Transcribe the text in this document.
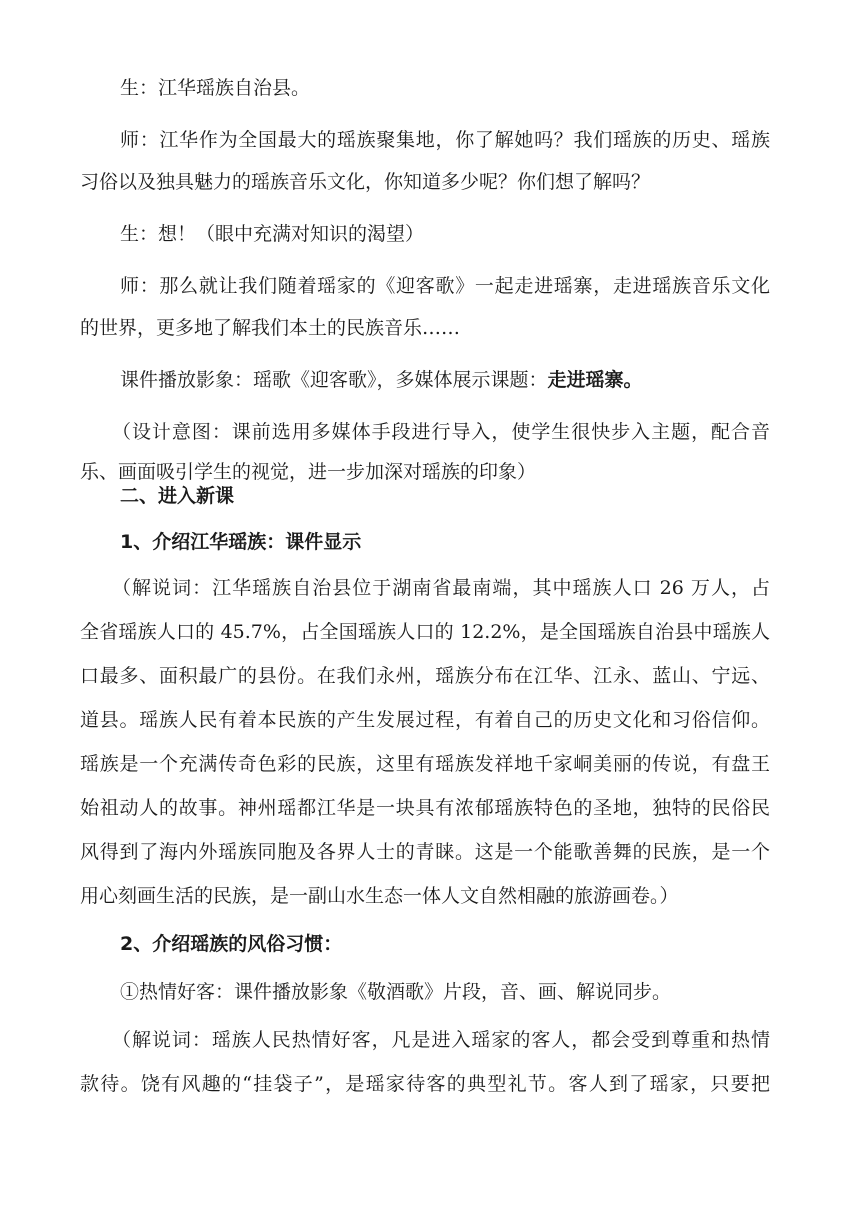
生：江华瑶族自治县。
师：江华作为全国最大的瑶族聚集地，你了解她吗？我们瑶族的历史、瑶族
习俗以及独具魅力的瑶族音乐文化，你知道多少呢？你们想了解吗？
生：想！（眼中充满对知识的渴望）
师：那么就让我们随着瑶家的《迎客歌》一起走进瑶寨，走进瑶族音乐文化
的世界，更多地了解我们本土的民族音乐……
课件播放影象：瑶歌《迎客歌》，多媒体展示课题：走进瑶寨。
（设计意图：课前选用多媒体手段进行导入，使学生很快步入主题，配合音
乐、画面吸引学生的视觉，进一步加深对瑶族的印象）
二、进入新课
1、介绍江华瑶族：课件显示
（解说词：江华瑶族自治县位于湖南省最南端，其中瑶族人口 26 万人，占
全省瑶族人口的 45.7%，占全国瑶族人口的 12.2%，是全国瑶族自治县中瑶族人
口最多、面积最广的县份。在我们永州，瑶族分布在江华、江永、蓝山、宁远、
道县。瑶族人民有着本民族的产生发展过程，有着自己的历史文化和习俗信仰。
瑶族是一个充满传奇色彩的民族，这里有瑶族发祥地千家峒美丽的传说，有盘王
始祖动人的故事。神州瑶都江华是一块具有浓郁瑶族特色的圣地，独特的民俗民
风得到了海内外瑶族同胞及各界人士的青睐。这是一个能歌善舞的民族，是一个
用心刻画生活的民族，是一副山水生态一体人文自然相融的旅游画卷。）
2、介绍瑶族的风俗习惯：
①热情好客：课件播放影象《敬酒歌》片段，音、画、解说同步。
（解说词：瑶族人民热情好客，凡是进入瑶家的客人，都会受到尊重和热情
款待。饶有风趣的“挂袋子”，是瑶家待客的典型礼节。客人到了瑶家，只要把
